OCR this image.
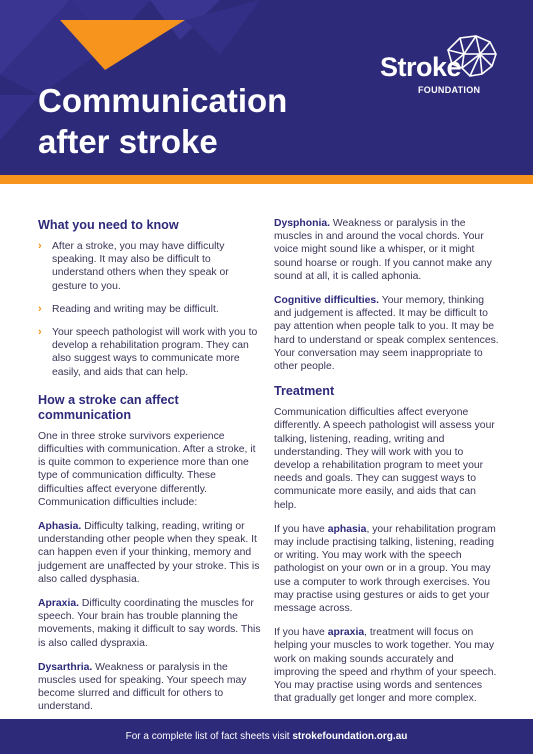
Communication
after stroke
Stroke
FOUNDATION
What you need to know
› After a stroke, you may have difficulty speaking. It may also be difficult to understand others when they speak or gesture to you.
› Reading and writing may be difficult.
› Your speech pathologist will work with you to develop a rehabilitation program. They can also suggest ways to communicate more easily, and aids that can help.
How a stroke can affect
communication

One in three stroke survivors experience difficulties with communication. After a stroke, it is quite common to experience more than one type of communication difficulty. These difficulties affect everyone differently. Communication difficulties include:

Aphasia. Difficulty talking, reading, writing or understanding other people when they speak. It can happen even if your thinking, memory and judgement are unaffected by your stroke. This is also called dysphasia.

Apraxia. Difficulty coordinating the muscles for speech. Your brain has trouble planning the movements, making it difficult to say words. This is also called dyspraxia.

Dysarthria. Weakness or paralysis in the muscles used for speaking. Your speech may become slurred and difficult for others to understand.

Dysphonia. Weakness or paralysis in the muscles in and around the vocal chords. Your voice might sound like a whisper, or it might sound hoarse or rough. If you cannot make any sound at all, it is called aphonia.

Cognitive difficulties. Your memory, thinking and judgement is affected. It may be difficult to pay attention when people talk to you. It may be hard to understand or speak complex sentences. Your conversation may seem inappropriate to other people.

Treatment

Communication difficulties affect everyone differently. A speech pathologist will assess your talking, listening, reading, writing and understanding. They will work with you to develop a rehabilitation program to meet your needs and goals. They can suggest ways to communicate more easily, and aids that can help.

If you have aphasia, your rehabilitation program may include practising talking, listening, reading or writing. You may work with the speech pathologist on your own or in a group. You may use a computer to work through exercises. You may practise using gestures or aids to get your message across.

If you have apraxia, treatment will focus on helping your muscles to work together. You may work on making sounds accurately and improving the speed and rhythm of your speech. You may practise using words and sentences that gradually get longer and more complex.

For a complete list of fact sheets visit strokefoundation.org.au
